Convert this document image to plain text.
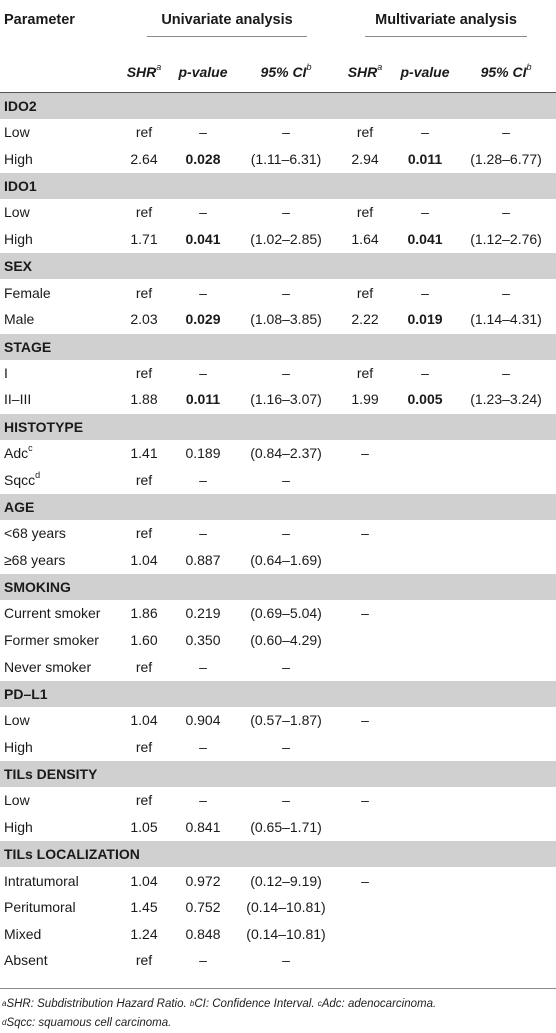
Parameter	Univariate analysis			Multivariate analysis		
	SHR$^a$	p-value	95% $CI^b$	SHR$^a$	p-value	95% $CI^b$
IDO2						
Low	ref	–	–	ref	–	–
High	2.64	0.028	(1.11–6.31)	2.94	0.011	(1.28–6.77)
IDO1						
Low	ref	–	–	ref	–	–
High	1.71	0.041	(1.02–2.85)	1.64	0.041	(1.12–2.76)
SEX						
Female	ref	–	–	ref	–	–
Male	2.03	0.029	(1.08–3.85)	2.22	0.019	(1.14–4.31)
STAGE						
I	ref	–	–	ref	–	–
II–III	1.88	0.011	(1.16–3.07)	1.99	0.005	(1.23–3.24)
HISTOTYPE						
Adc$^c$	1.41	0.189	(0.84–2.37)	–		
Sqcc$^d$	ref	–	–			
AGE						
<68 years	ref	–	–	–		
≥68 years	1.04	0.887	(0.64–1.69)			
SMOKING						
Current smoker	1.86	0.219	(0.69–5.04)	–		
Former smoker	1.60	0.350	(0.60–4.29)			
Never smoker	ref	–	–			
PD–L1						
Low	1.04	0.904	(0.57–1.87)	–		
High	ref	–	–			
TILs DENSITY						
Low	ref	–	–	–		
High	1.05	0.841	(0.65–1.71)			
TILs LOCALIZATION						
Intratumoral	1.04	0.972	(0.12–9.19)	–		
Peritumoral	1.45	0.752	(0.14–10.81)			
Mixed	1.24	0.848	(0.14–10.81)			
Absent	ref	–	–			
$^a$SHR: Subdistribution Hazard Ratio. $^b$CI: Confidence Interval. $^c$Adc: adenocarcinoma.
$^d$Sqcc: squamous cell carcinoma.
